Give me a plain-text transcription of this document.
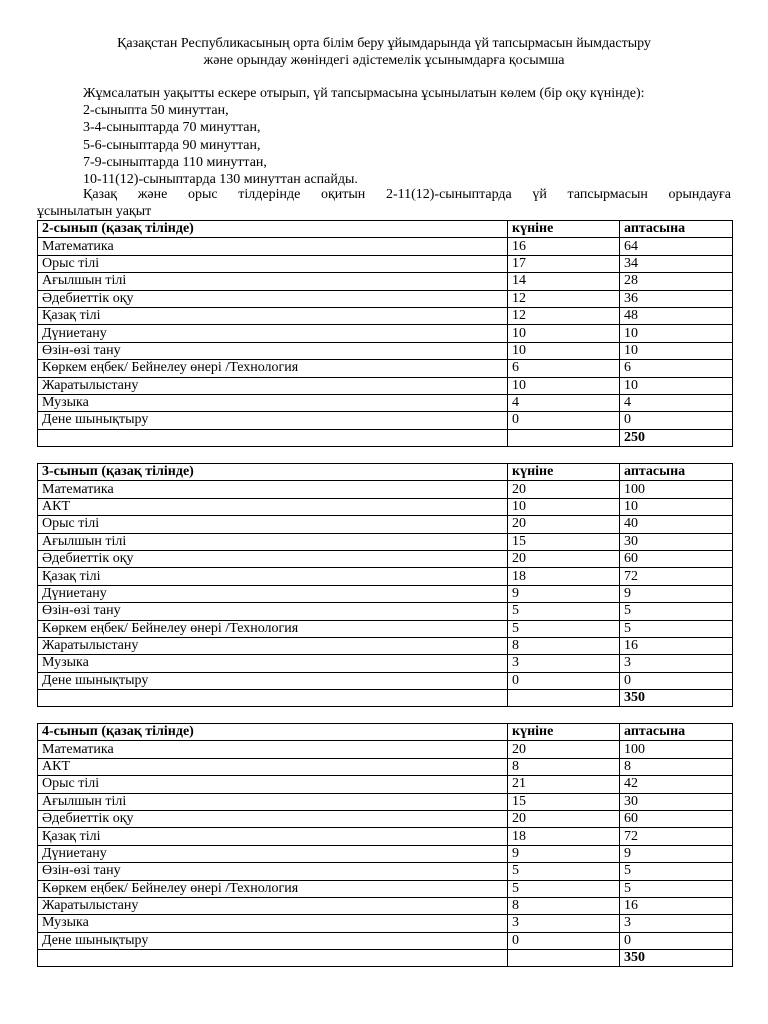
Қазақстан Республикасының орта білім беру ұйымдарында үй тапсырмасын йымдастыру
және орындау жөніндегі әдістемелік ұсынымдарға қосымша
Жұмсалатын уақытты ескере отырып, үй тапсырмасына ұсынылатын көлем (бір оқу күнінде):
2-сыныпта 50 минуттан,
3-4-сыныптарда 70 минуттан,
5-6-сыныптарда 90 минуттан,
7-9-сыныптарда 110 минуттан,
10-11(12)-сыныптарда 130 минуттан аспайды.
Қазақ және орыс тілдерінде оқитын 2-11(12)-сыныптарда үй тапсырмасын орындауға
ұсынылатын уақыт
2-сынып (қазақ тілінде)	күніне	аптасына
Математика	16	64
Орыс тілі	17	34
Ағылшын тілі	14	28
Әдебиеттік оқу	12	36
Қазақ тілі	12	48
Дүниетану	10	10
Өзін-өзі тану	10	10
Көркем еңбек/ Бейнелеу өнері /Технология	6	6
Жаратылыстану	10	10
Музыка	4	4
Дене шынықтыру	0	0
		250
3-сынып (қазақ тілінде)	күніне	аптасына
Математика	20	100
АКТ	10	10
Орыс тілі	20	40
Ағылшын тілі	15	30
Әдебиеттік оқу	20	60
Қазақ тілі	18	72
Дүниетану	9	9
Өзін-өзі тану	5	5
Көркем еңбек/ Бейнелеу өнері /Технология	5	5
Жаратылыстану	8	16
Музыка	3	3
Дене шынықтыру	0	0
		350
4-сынып (қазақ тілінде)	күніне	аптасына
Математика	20	100
АКТ	8	8
Орыс тілі	21	42
Ағылшын тілі	15	30
Әдебиеттік оқу	20	60
Қазақ тілі	18	72
Дүниетану	9	9
Өзін-өзі тану	5	5
Көркем еңбек/ Бейнелеу өнері /Технология	5	5
Жаратылыстану	8	16
Музыка	3	3
Дене шынықтыру	0	0
		350
